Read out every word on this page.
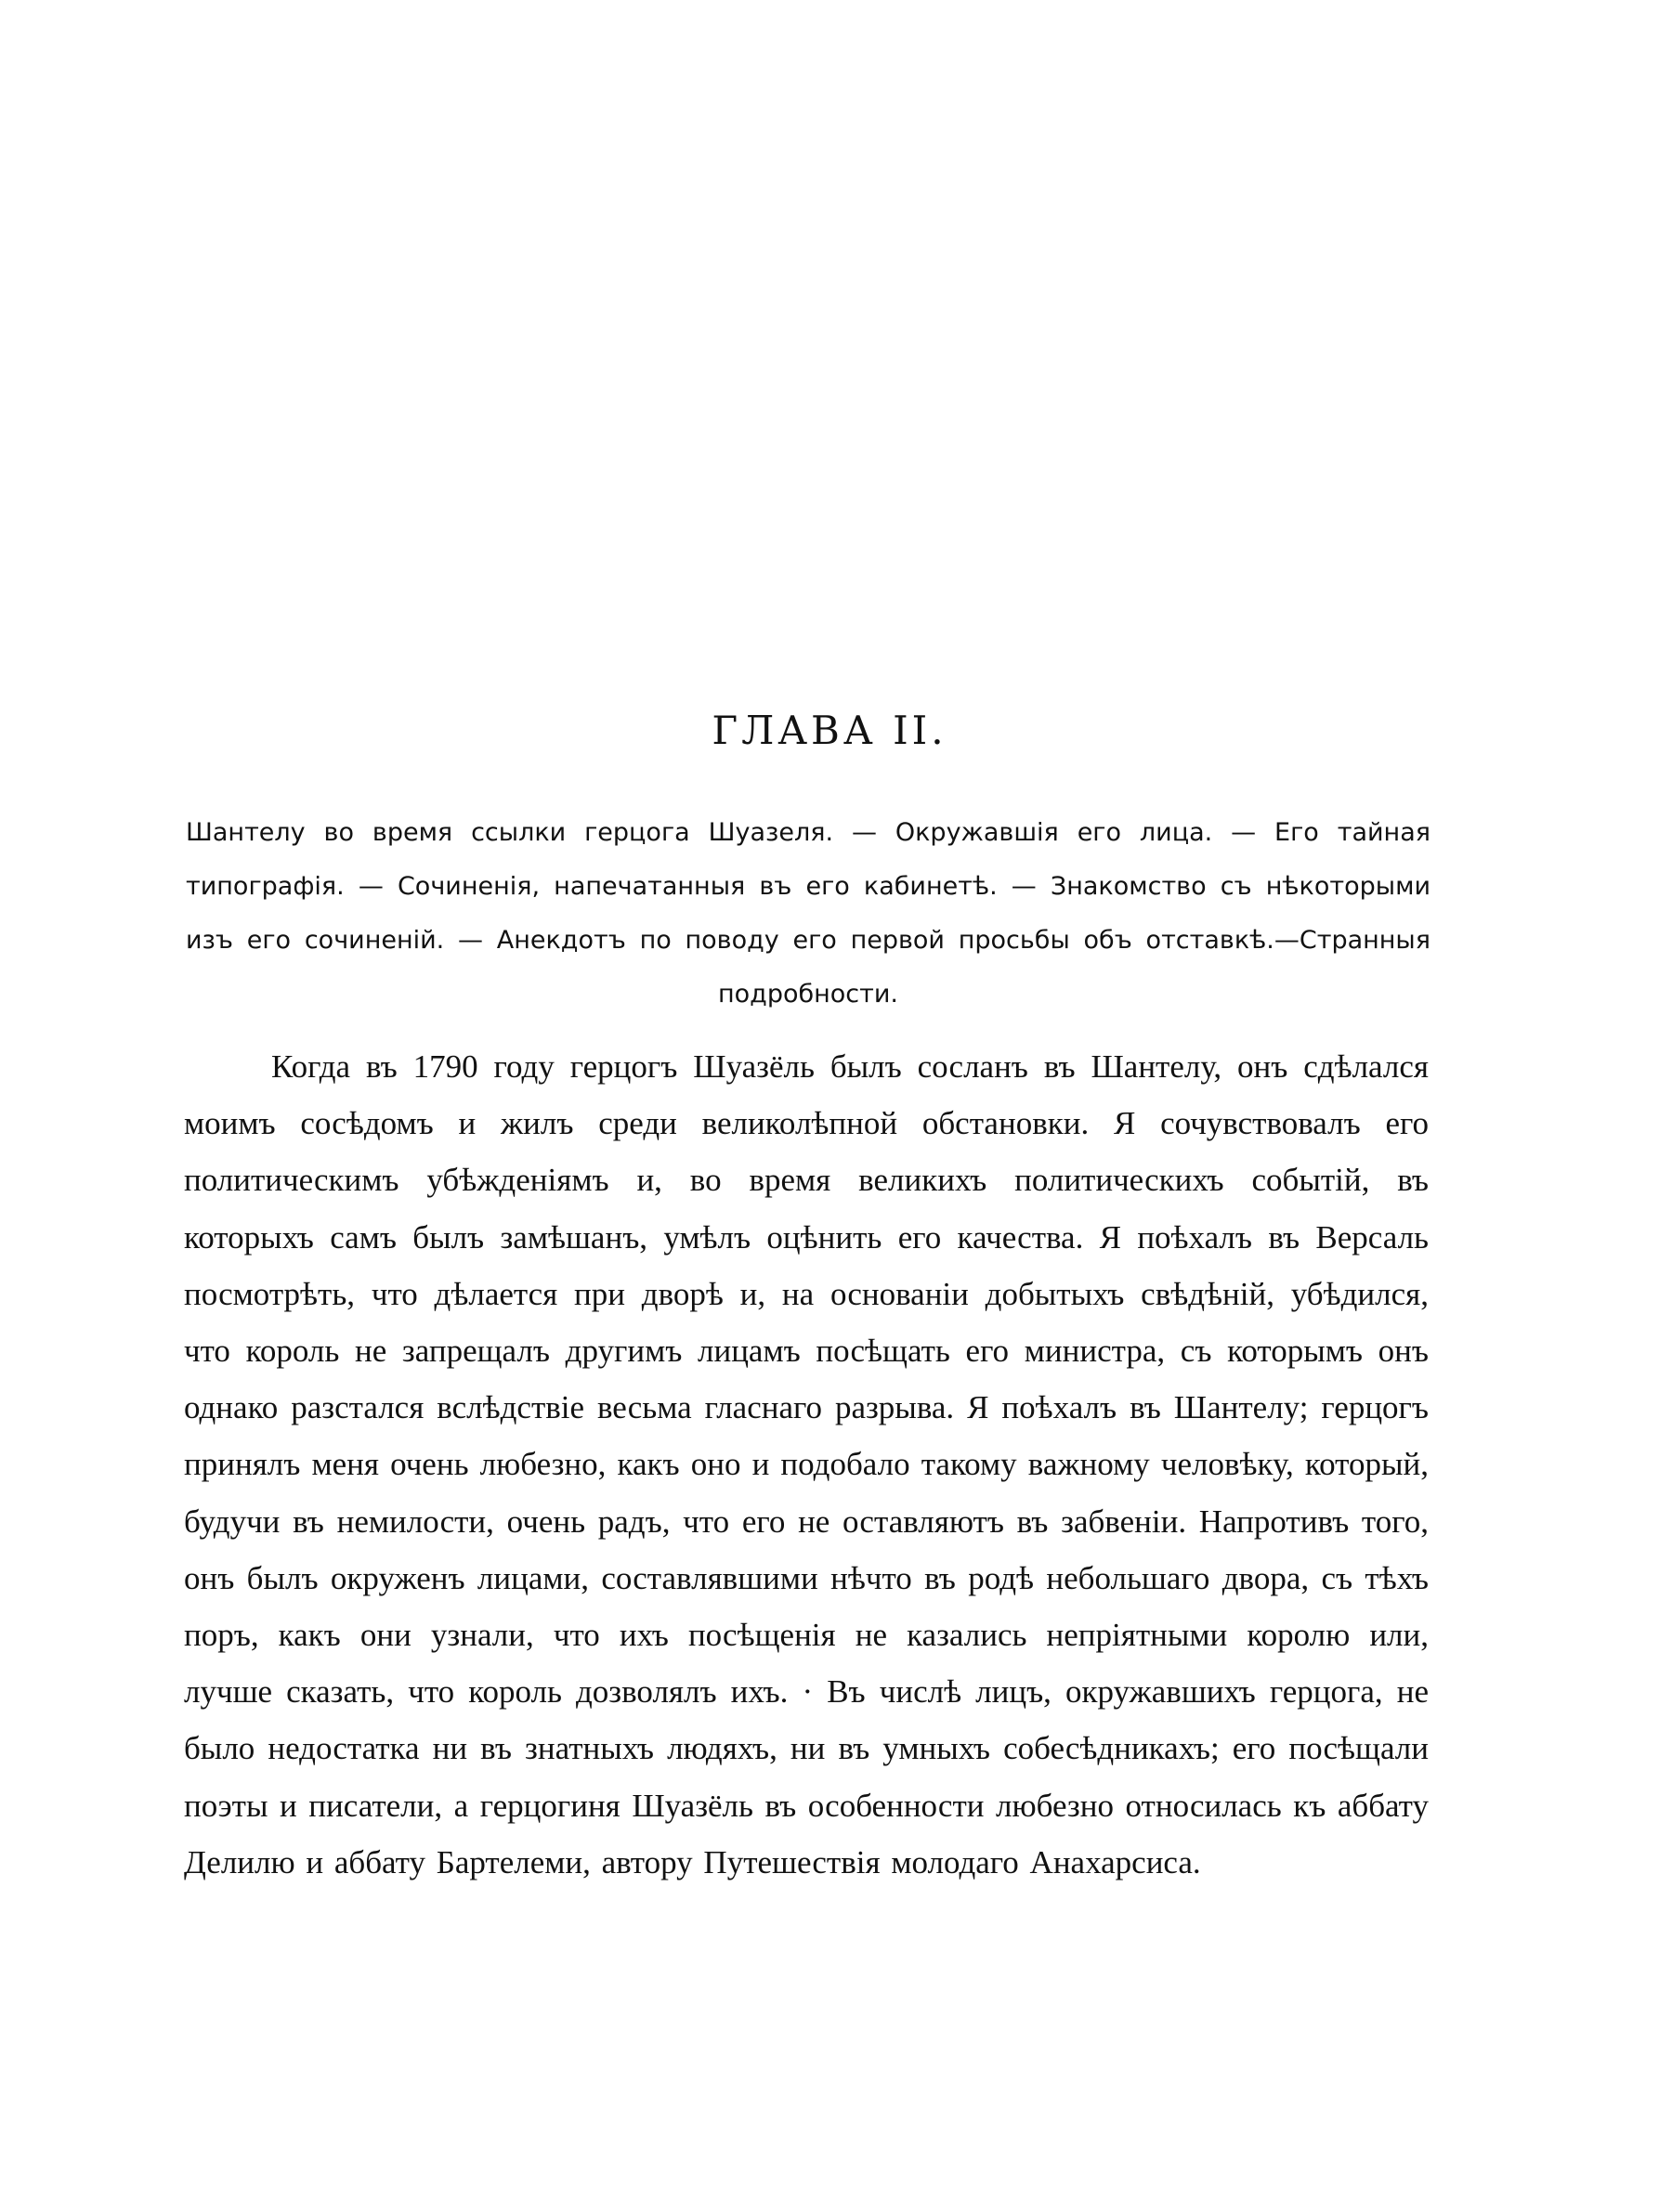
ГЛАВА II.

Шантелу во время ссылки герцога Шуазеля. — Окружавшія его лица. — Его тайная типографія. — Сочиненія, напечатанныя въ его кабинетѣ. — Знакомство съ нѣкоторыми изъ его сочиненій. — Анекдотъ по поводу его первой просьбы объ отставкѣ.—Странныя подробности.

Когда въ 1790 году герцогъ Шуазёль былъ сосланъ въ Шантелу, онъ сдѣлался моимъ сосѣдомъ и жилъ среди великолѣпной обстановки. Я сочувствовалъ его политическимъ убѣжденіямъ и, во время великихъ политическихъ событій, въ которыхъ самъ былъ замѣшанъ, умѣлъ оцѣнить его качества. Я поѣхалъ въ Версаль посмотрѣть, что дѣлается при дворѣ и, на основаніи добытыхъ свѣдѣній, убѣдился, что король не запрещалъ другимъ лицамъ посѣщать его министра, съ которымъ онъ однако разстался вслѣдствіе весьма гласнаго разрыва. Я поѣхалъ въ Шантелу; герцогъ принялъ меня очень любезно, какъ оно и подобало такому важному человѣку, который, будучи въ немилости, очень радъ, что его не оставляютъ въ забвеніи. Напротивъ того, онъ былъ окруженъ лицами, составлявшими нѣчто въ родѣ небольшаго двора, съ тѣхъ поръ, какъ они узнали, что ихъ посѣщенія не казались непріятными королю или, лучше сказать, что король дозволялъ ихъ. · Въ числѣ лицъ, окружавшихъ герцога, не было недостатка ни въ знатныхъ людяхъ, ни въ умныхъ собесѣдникахъ; его посѣщали поэты и писатели, а герцогиня Шуазёль въ особенности любезно относилась къ аббату Делилю и аббату Бартелеми, автору Путешествія молодаго Анахарсиса.
